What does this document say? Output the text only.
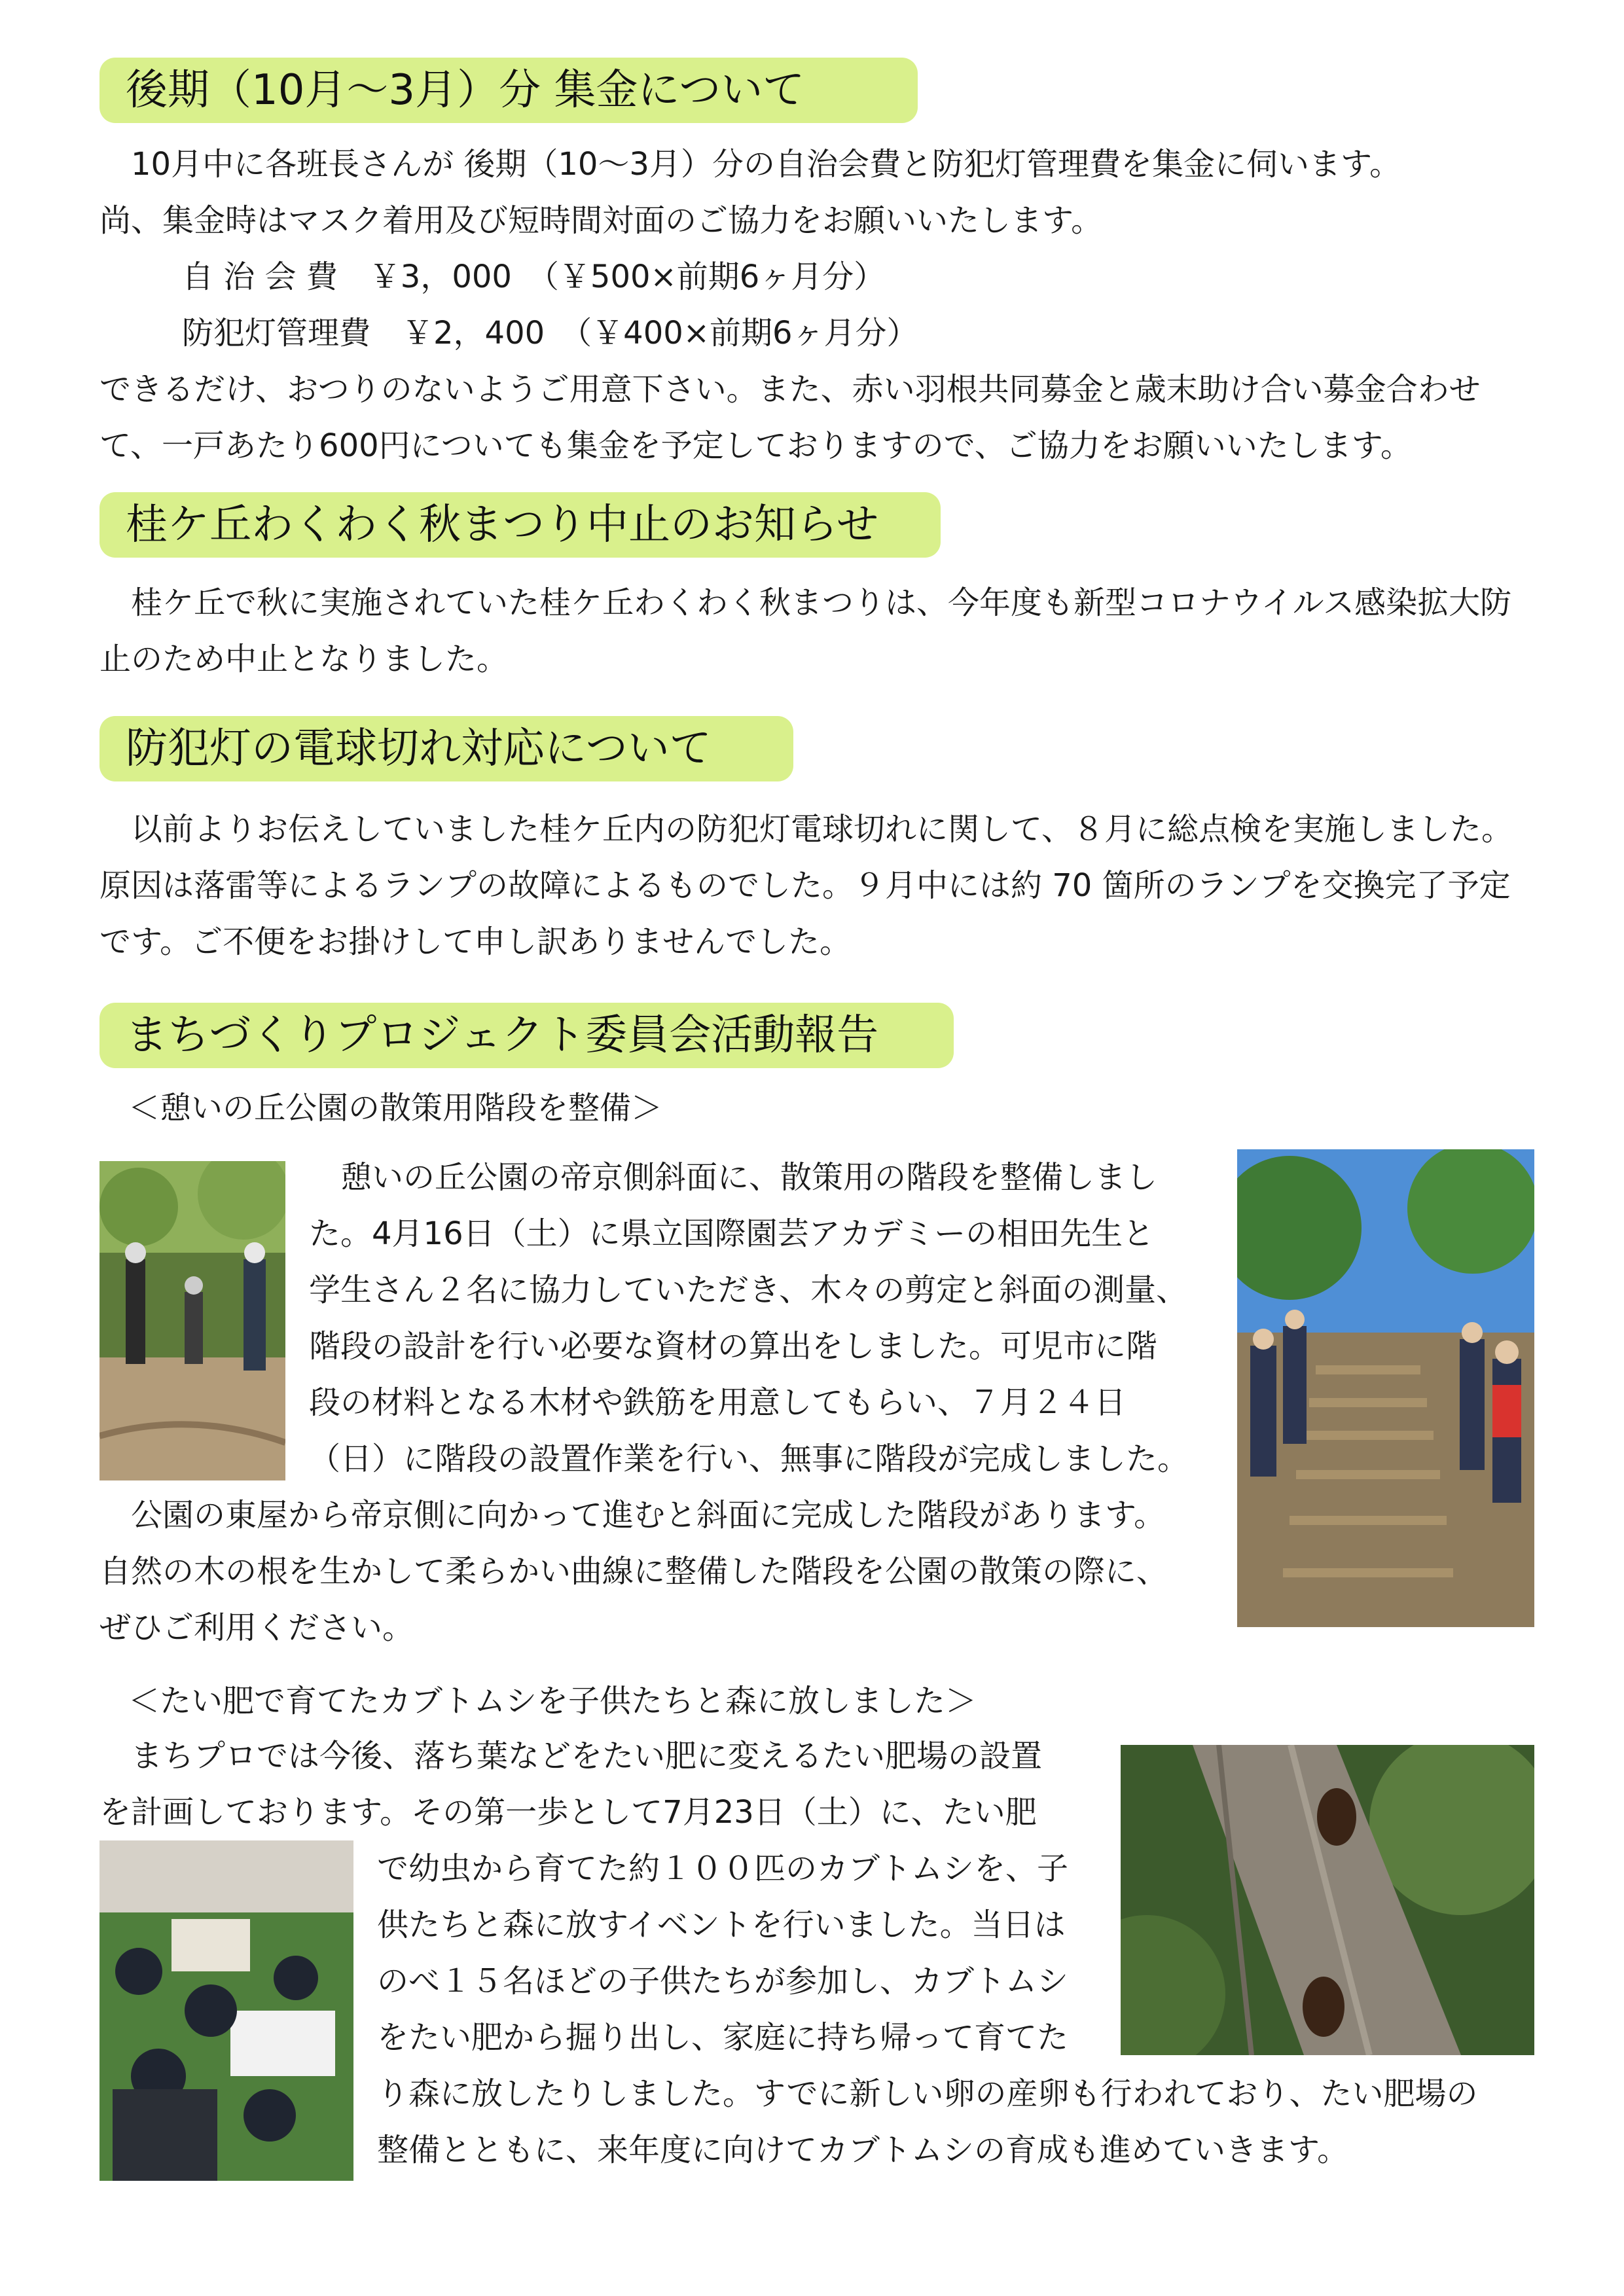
後期（10月～3月）分 集金について

　10月中に各班長さんが 後期（10～3月）分の自治会費と防犯灯管理費を集金に伺います。
尚、集金時はマスク着用及び短時間対面のご協力をお願いいたします。

自 治 会 費　￥3，000　（￥500×前期6ヶ月分）
防犯灯管理費　￥2，400　（￥400×前期6ヶ月分）

できるだけ、おつりのないようご用意下さい。また、赤い羽根共同募金と歳末助け合い募金合わせて、一戸あたり600円についても集金を予定しておりますので、ご協力をお願いいたします。

桂ケ丘わくわく秋まつり中止のお知らせ

　桂ケ丘で秋に実施されていた桂ケ丘わくわく秋まつりは、今年度も新型コロナウイルス感染拡大防止のため中止となりました。

防犯灯の電球切れ対応について

　以前よりお伝えしていました桂ケ丘内の防犯灯電球切れに関して、８月に総点検を実施しました。原因は落雷等によるランプの故障によるものでした。９月中には約 70 箇所のランプを交換完了予定です。ご不便をお掛けして申し訳ありませんでした。

まちづくりプロジェクト委員会活動報告
＜憩いの丘公園の散策用階段を整備＞
憩いの丘公園の帝京側斜面に、散策用の階段を整備しまし
た。4月16日（土）に県立国際園芸アカデミーの相田先生と
学生さん２名に協力していただき、木々の剪定と斜面の測量、
階段の設計を行い必要な資材の算出をしました。可児市に階
段の材料となる木材や鉄筋を用意してもらい、７月２４日
（日）に階段の設置作業を行い、無事に階段が完成しました。
　公園の東屋から帝京側に向かって進むと斜面に完成した階段があります。
自然の木の根を生かして柔らかい曲線に整備した階段を公園の散策の際に、
ぜひご利用ください。
＜たい肥で育てたカブトムシを子供たちと森に放しました＞
　まちプロでは今後、落ち葉などをたい肥に変えるたい肥場の設置
を計画しております。その第一歩として7月23日（土）に、たい肥
で幼虫から育てた約１００匹のカブトムシを、子
供たちと森に放すイベントを行いました。当日は
のべ１５名ほどの子供たちが参加し、カブトムシ
をたい肥から掘り出し、家庭に持ち帰って育てた
り森に放したりしました。すでに新しい卵の産卵も行われており、たい肥場の
整備とともに、来年度に向けてカブトムシの育成も進めていきます。
